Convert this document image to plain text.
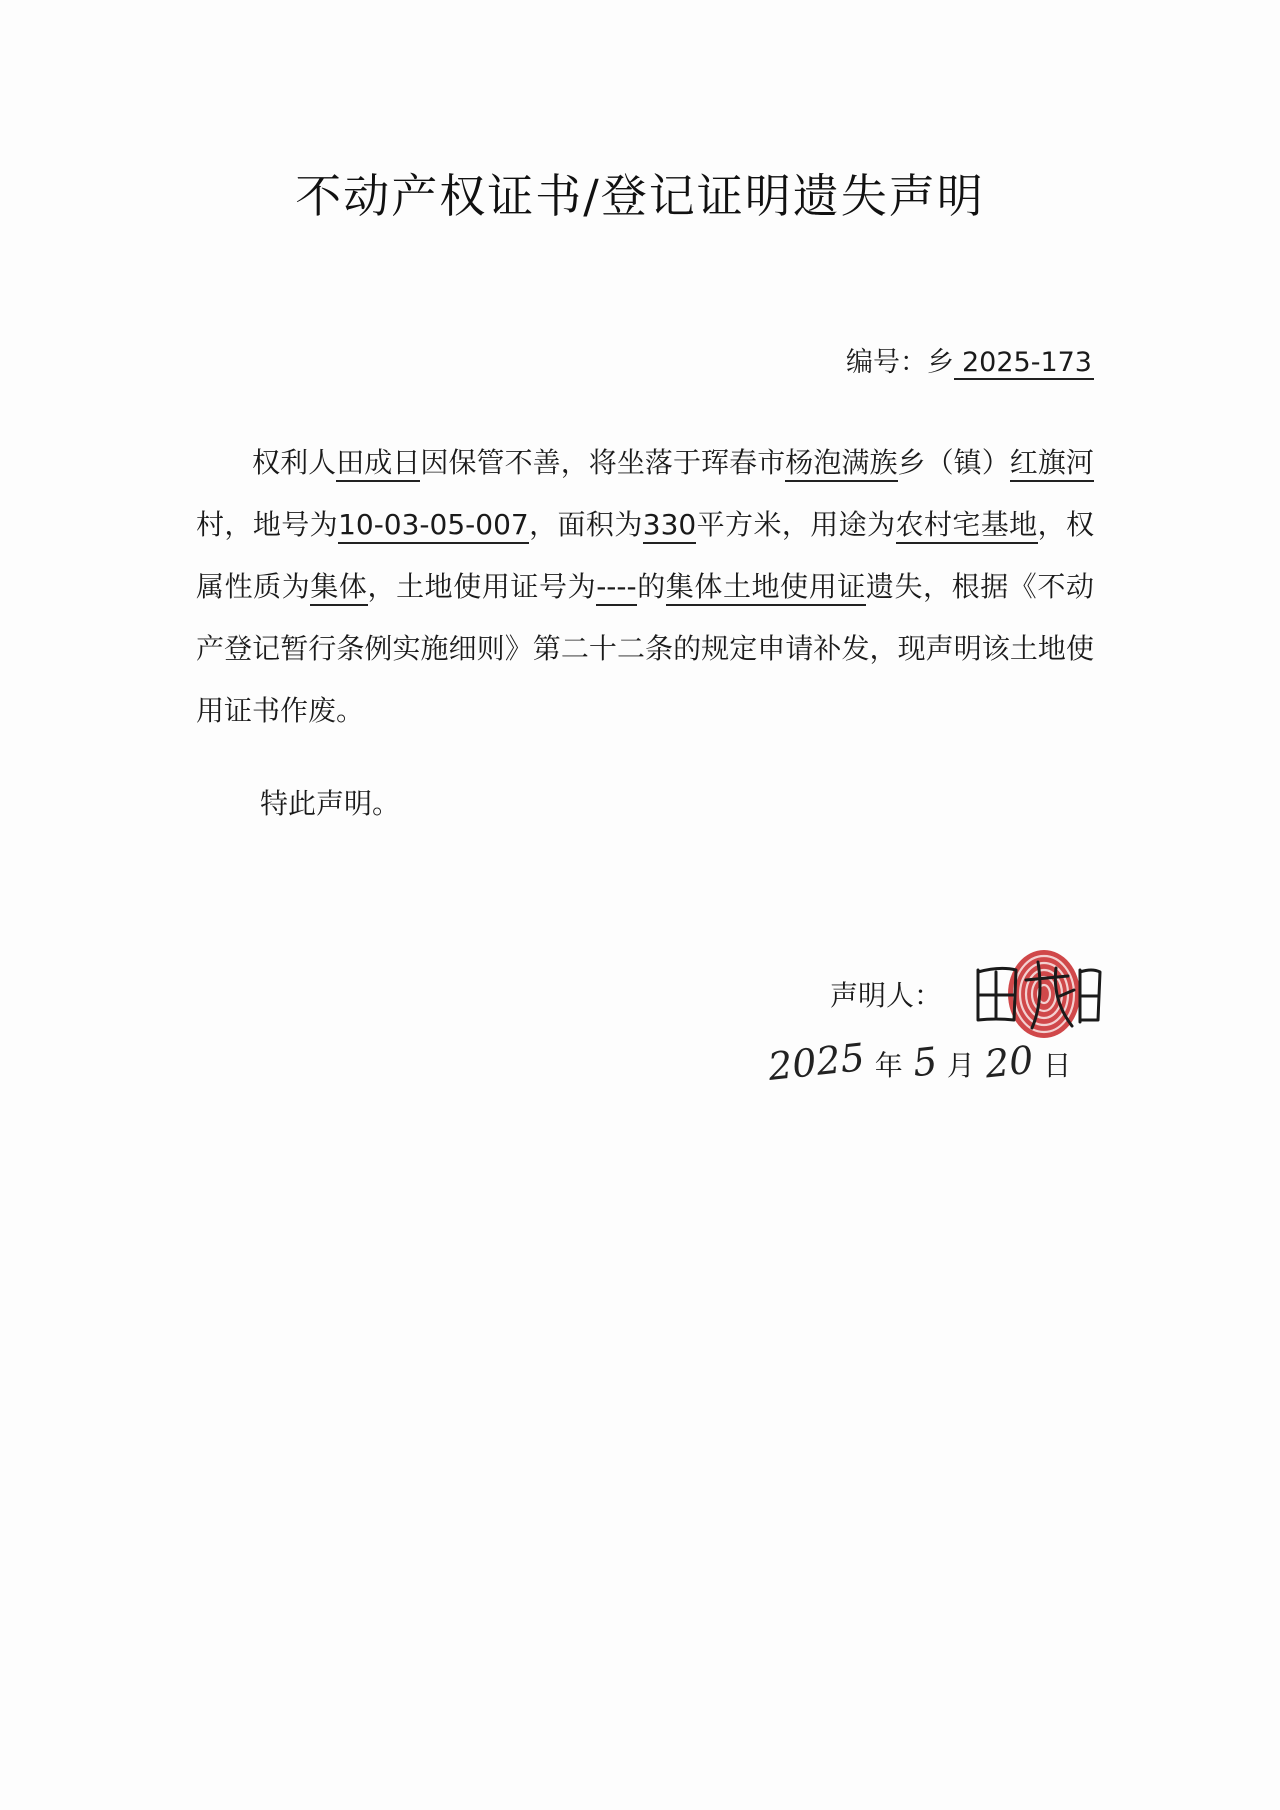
不动产权证书/登记证明遗失声明
编号：乡 2025-173

权利人田成日因保管不善，将坐落于珲春市杨泡满族乡（镇）红旗河村，地号为10-03-05-007，面积为330平方米，用途为农村宅基地，权属性质为集体，土地使用证号为----的集体土地使用证遗失，根据《不动产登记暂行条例实施细则》第二十二条的规定申请补发，现声明该土地使用证书作废。

特此声明。
声明人：
2025 年 5 月 20 日
